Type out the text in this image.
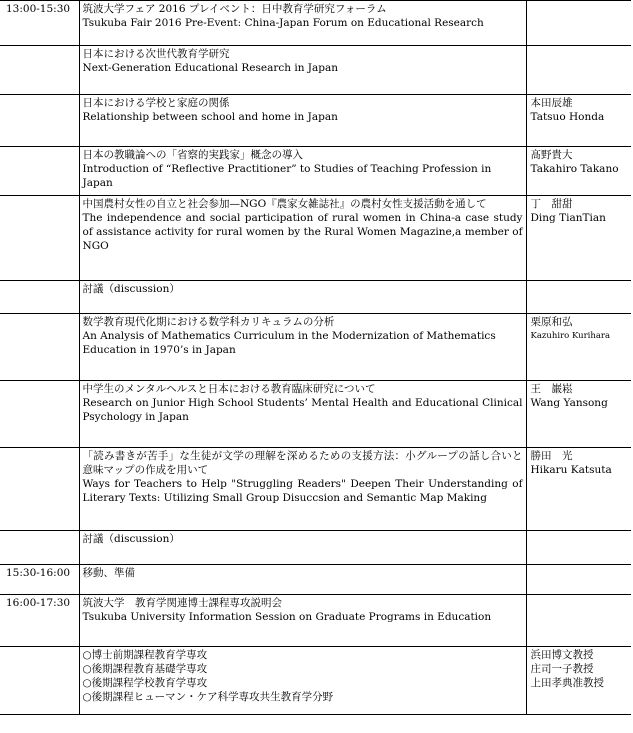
13:00-15:30	筑波大学フェア 2016 プレイベント：日中教育学研究フォーラム
Tsukuba Fair 2016 Pre-Event: China-Japan Forum on Educational Research	

	日本における次世代教育学研究
Next-Generation Educational Research in Japan	

	日本における学校と家庭の関係
Relationship between school and home in Japan	本田辰雄
Tatsuo Honda

	日本の教職論への「省察的実践家」概念の導入
Introduction of “Reflective Practitioner” to Studies of Teaching Profession in Japan	髙野貴大
Takahiro Takano

	中国農村女性の自立と社会参加—NGO『農家女雑誌社』の農村女性支援活動を通して
The independence and social participation of rural women in China-a case study of assistance activity for rural women by the Rural Women Magazine,a member of NGO	丁　甜甜
Ding TianTian

	討議（discussion）	

	数学教育現代化期における数学科カリキュラムの分析
An Analysis of Mathematics Curriculum in the Modernization of Mathematics Education in 1970’s in Japan	栗原和弘
Kazuhiro Kurihara

	中学生のメンタルヘルスと日本における教育臨床研究について
Research on Junior High School Students’ Mental Health and Educational Clinical Psychology in Japan	王　巌崧
Wang Yansong

	「読み書きが苦手」な生徒が文学の理解を深めるための支援方法：小グループの話し合いと意味マップの作成を用いて
Ways for Teachers to Help "Struggling Readers" Deepen Their Understanding of Literary Texts: Utilizing Small Group Disuccsion and Semantic Map Making	勝田　光
Hikaru Katsuta

	討議（discussion）	

15:30-16:00	移動、準備	

16:00-17:30	筑波大学　教育学関連博士課程専攻説明会
Tsukuba University Information Session on Graduate Programs in Education	

	○博士前期課程教育学専攻
○後期課程教育基礎学専攻
○後期課程学校教育学専攻
○後期課程ヒューマン・ケア科学専攻共生教育学分野	浜田博文教授
庄司一子教授
上田孝典准教授
